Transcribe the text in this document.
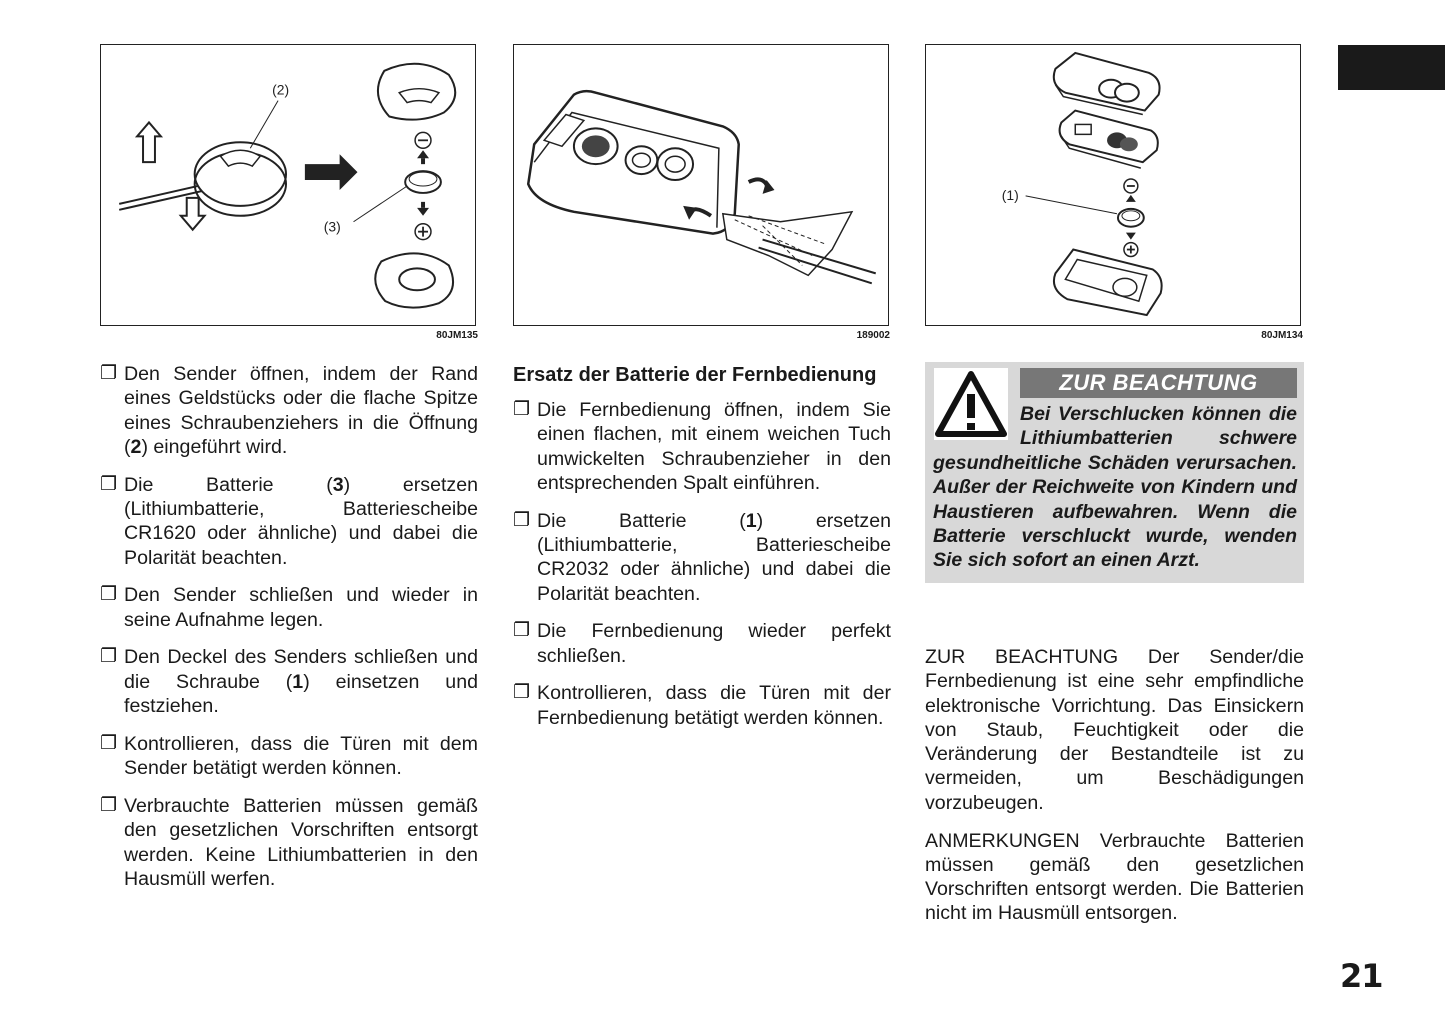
(2)
(3)
80JM135	189002
(1)
80JM134
❐ Den Sender öffnen, indem der Rand eines Geldstücks oder die flache Spitze eines Schraubenziehers in die Öffnung (2) eingeführt wird.
❐ Die Batterie (3) ersetzen (Lithiumbatterie, Batteriescheibe CR1620 oder ähnliche) und dabei die Polarität beachten.
❐ Den Sender schließen und wieder in seine Aufnahme legen.
❐ Den Deckel des Senders schließen und die Schraube (1) einsetzen und festziehen.
❐ Kontrollieren, dass die Türen mit dem Sender betätigt werden können.
❐ Verbrauchte Batterien müssen gemäß den gesetzlichen Vorschriften entsorgt werden. Keine Lithiumbatterien in den Hausmüll werfen.
Ersatz der Batterie der Fernbedienung
❐ Die Fernbedienung öffnen, indem Sie einen flachen, mit einem weichen Tuch umwickelten Schraubenzieher in den entsprechenden Spalt einführen.
❐ Die Batterie (1) ersetzen (Lithiumbatterie, Batteriescheibe CR2032 oder ähnliche) und dabei die Polarität beachten.
❐ Die Fernbedienung wieder perfekt schließen.
❐ Kontrollieren, dass die Türen mit der Fernbedienung betätigt werden können.
ZUR BEACHTUNG
Bei Verschlucken können die Lithiumbatterien schwere gesundheitliche Schäden verursachen. Außer der Reichweite von Kindern und Haustieren aufbewahren. Wenn die Batterie verschluckt wurde, wenden Sie sich sofort an einen Arzt.
ZUR BEACHTUNG Der Sender/die Fernbedienung ist eine sehr empfindliche elektronische Vorrichtung. Das Einsickern von Staub, Feuchtigkeit oder die Veränderung der Bestandteile ist zu vermeiden, um Beschädigungen vorzubeugen.
ANMERKUNGEN Verbrauchte Batterien müssen gemäß den gesetzlichen Vorschriften entsorgt werden. Die Batterien nicht im Hausmüll entsorgen.
21
